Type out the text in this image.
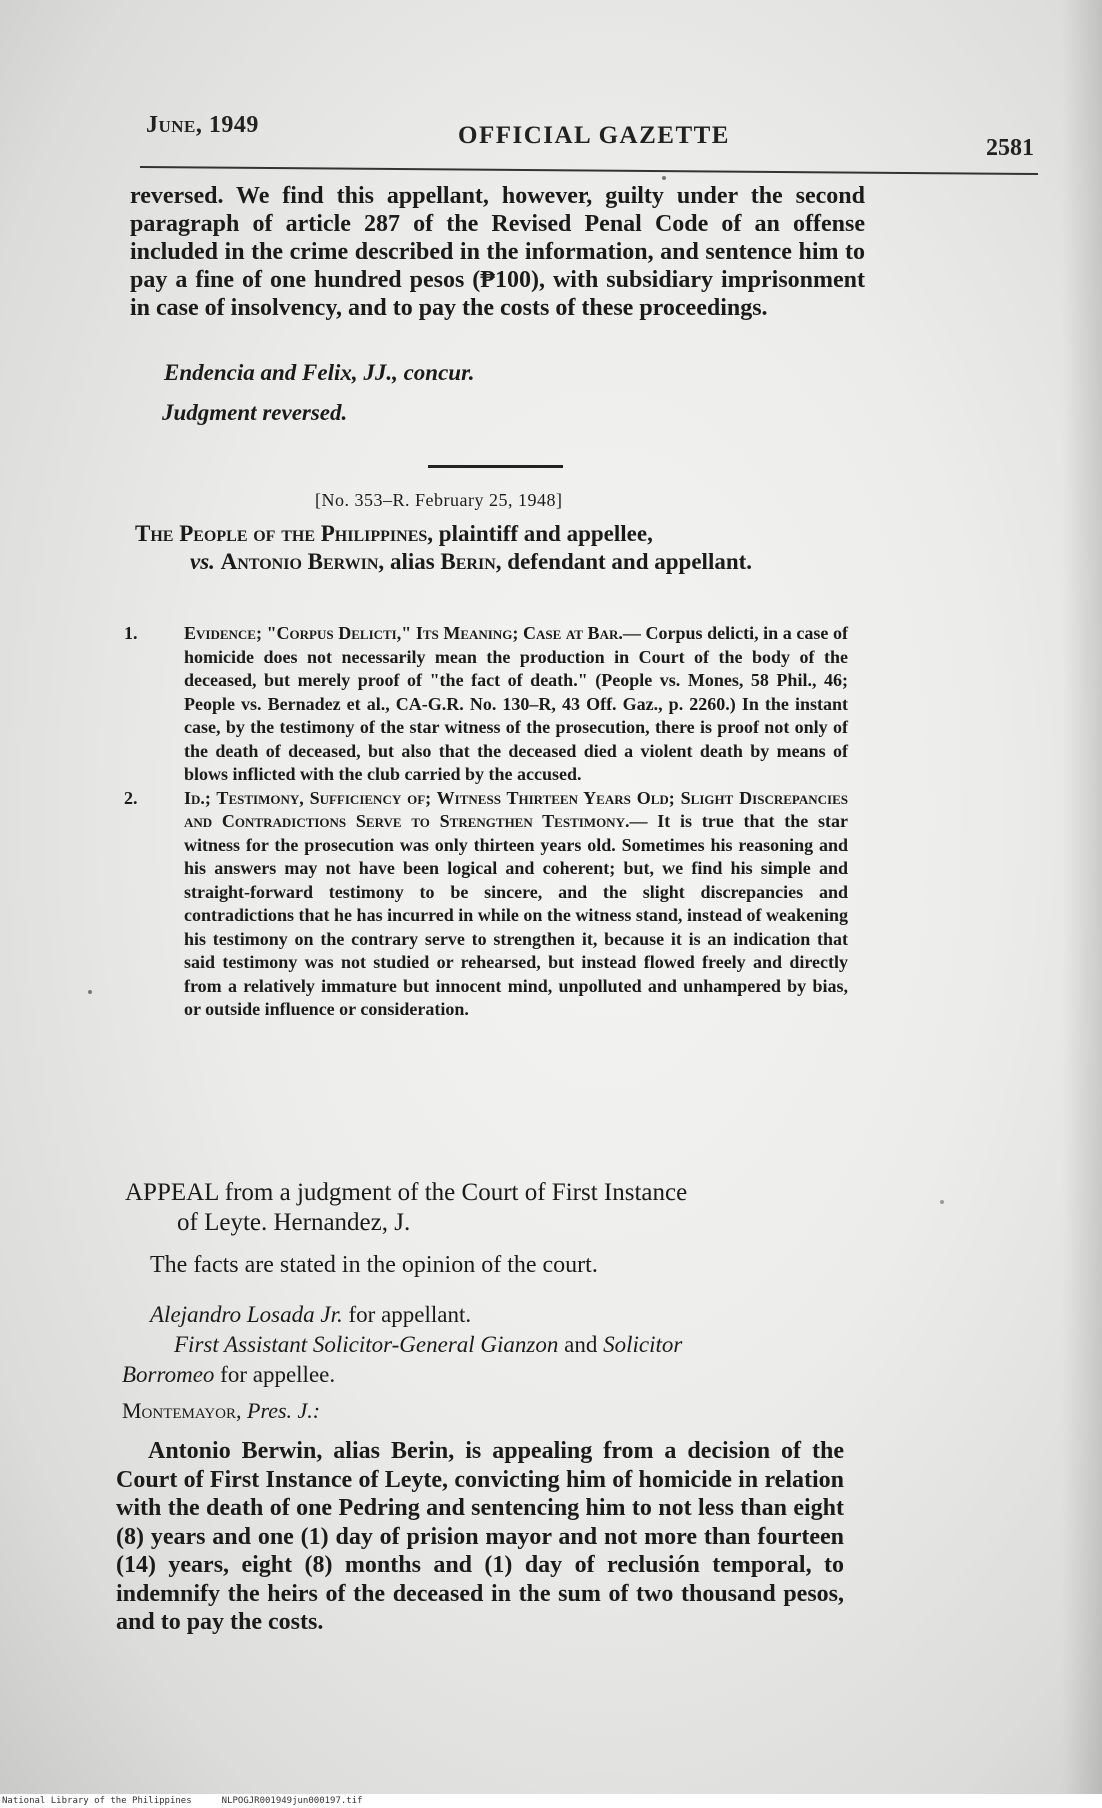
June, 1949	OFFICIAL GAZETTE	2581
reversed. We find this appellant, however, guilty under the second paragraph of article 287 of the Revised Penal Code of an offense included in the crime described in the information, and sentence him to pay a fine of one hundred pesos (₱100), with subsidiary imprisonment in case of insolvency, and to pay the costs of these proceedings.
Endencia and Felix, JJ., concur.
Judgment reversed.
[No. 353–R. February 25, 1948]
The People of the Philippines, plaintiff and appellee,
vs. Antonio Berwin, alias Berin, defendant and appellant.
1.	Evidence; "Corpus Delicti," Its Meaning; Case at Bar.— Corpus delicti, in a case of homicide does not necessarily mean the production in Court of the body of the deceased, but merely proof of "the fact of death." (People vs. Mones, 58 Phil., 46; People vs. Bernadez et al., CA-G.R. No. 130–R, 43 Off. Gaz., p. 2260.) In the instant case, by the testimony of the star witness of the prosecution, there is proof not only of the death of deceased, but also that the deceased died a violent death by means of blows inflicted with the club carried by the accused.
2.	Id.; Testimony, Sufficiency of; Witness Thirteen Years Old; Slight Discrepancies and Contradictions Serve to Strengthen Testimony.— It is true that the star witness for the prosecution was only thirteen years old. Sometimes his reasoning and his answers may not have been logical and coherent; but, we find his simple and straight-forward testimony to be sincere, and the slight discrepancies and contradictions that he has incurred in while on the witness stand, instead of weakening his testimony on the contrary serve to strengthen it, because it is an indication that said testimony was not studied or rehearsed, but instead flowed freely and directly from a relatively immature but innocent mind, unpolluted and unhampered by bias, or outside influence or consideration.
APPEAL from a judgment of the Court of First Instance
of Leyte. Hernandez, J.
The facts are stated in the opinion of the court.
Alejandro Losada Jr. for appellant.
First Assistant Solicitor-General Gianzon and Solicitor
Borromeo for appellee.
Montemayor, Pres. J.:
Antonio Berwin, alias Berin, is appealing from a decision of the Court of First Instance of Leyte, convicting him of homicide in relation with the death of one Pedring and sentencing him to not less than eight (8) years and one (1) day of prision mayor and not more than fourteen (14) years, eight (8) months and (1) day of reclusión temporal, to indemnify the heirs of the deceased in the sum of two thousand pesos, and to pay the costs.
National Library of the Philippines	NLPOGJR001949jun000197.tif
